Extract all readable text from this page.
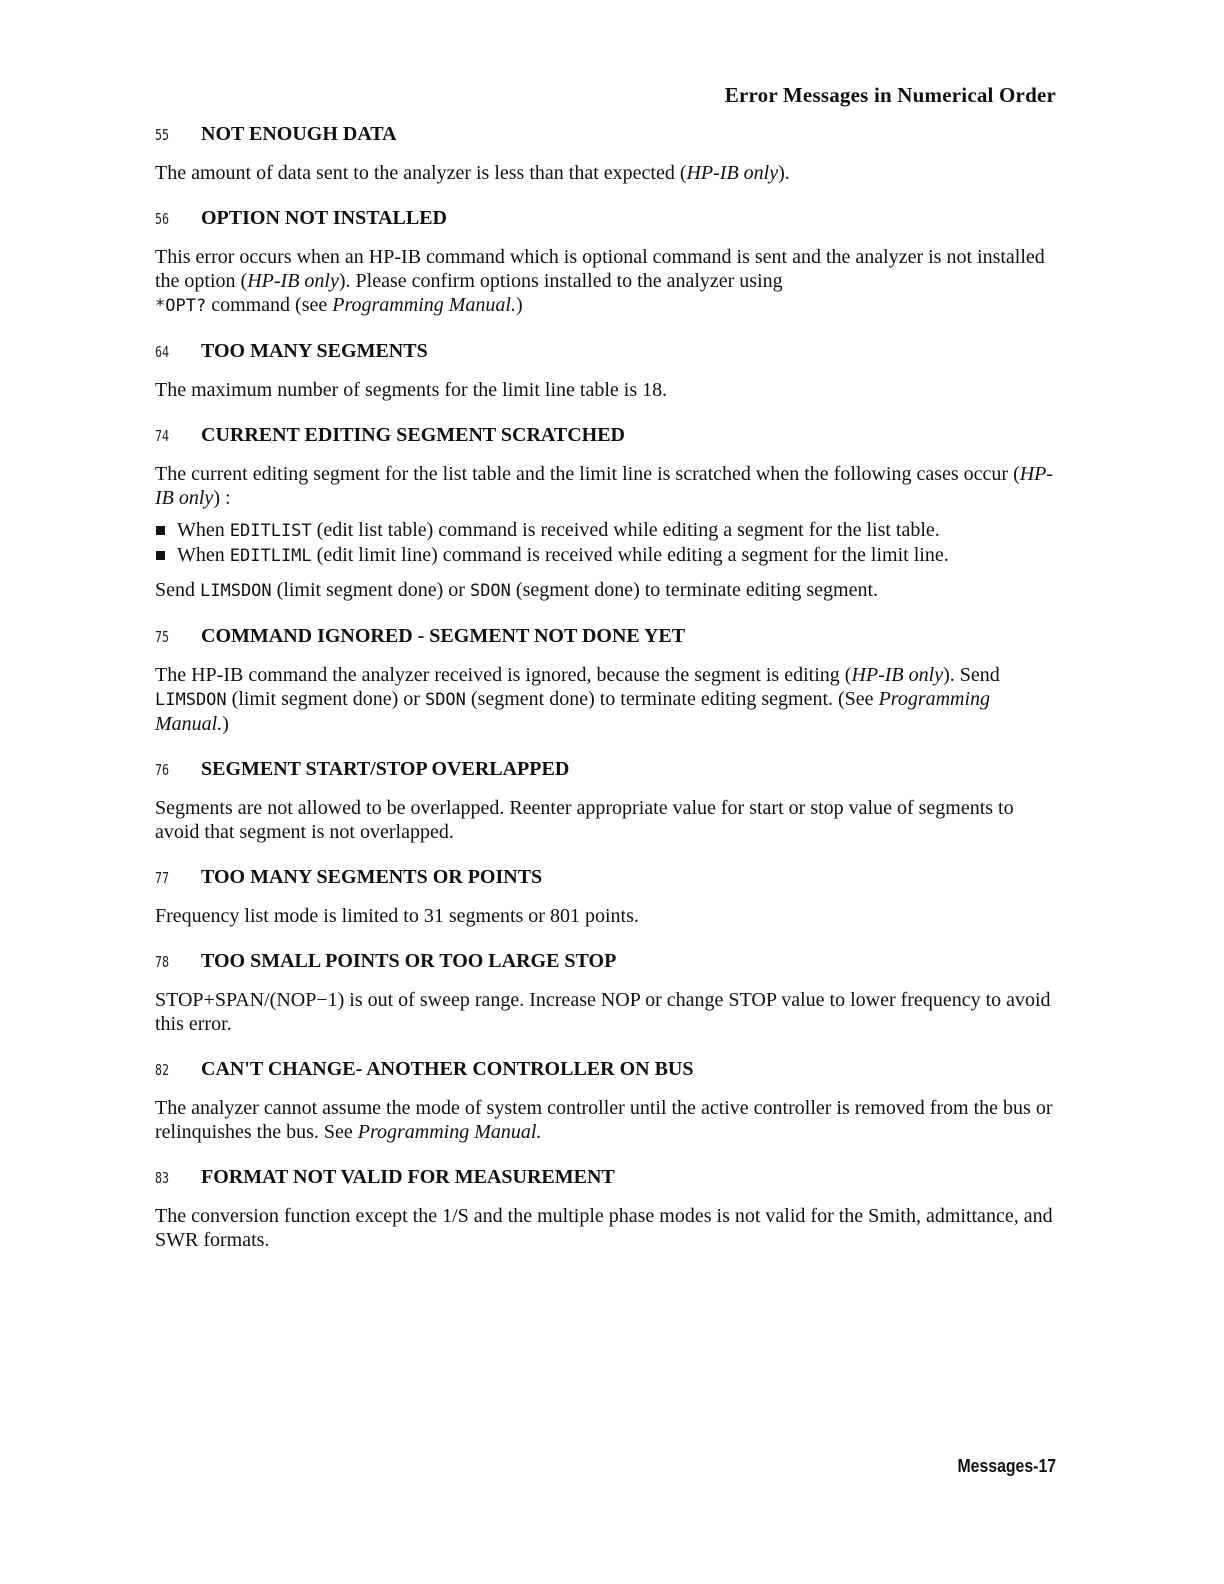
Error Messages in Numerical Order
55	NOT ENOUGH DATA
The amount of data sent to the analyzer is less than that expected (HP-IB only).
56	OPTION NOT INSTALLED
This error occurs when an HP-IB command which is optional command is sent and the analyzer is not installed the option (HP-IB only). Please confirm options installed to the analyzer using
*OPT? command (see Programming Manual.)
64	TOO MANY SEGMENTS
The maximum number of segments for the limit line table is 18.
74	CURRENT EDITING SEGMENT SCRATCHED
The current editing segment for the list table and the limit line is scratched when the following cases occur (HP-IB only) :
When EDITLIST (edit list table) command is received while editing a segment for the list table.
When EDITLIML (edit limit line) command is received while editing a segment for the limit line.
Send LIMSDON (limit segment done) or SDON (segment done) to terminate editing segment.
75	COMMAND IGNORED - SEGMENT NOT DONE YET
The HP-IB command the analyzer received is ignored, because the segment is editing (HP-IB only). Send LIMSDON (limit segment done) or SDON (segment done) to terminate editing segment. (See Programming Manual.)
76	SEGMENT START/STOP OVERLAPPED
Segments are not allowed to be overlapped. Reenter appropriate value for start or stop value of segments to avoid that segment is not overlapped.
77	TOO MANY SEGMENTS OR POINTS
Frequency list mode is limited to 31 segments or 801 points.
78	TOO SMALL POINTS OR TOO LARGE STOP
STOP+SPAN/(NOP−1) is out of sweep range. Increase NOP or change STOP value to lower frequency to avoid this error.
82	CAN'T CHANGE- ANOTHER CONTROLLER ON BUS
The analyzer cannot assume the mode of system controller until the active controller is removed from the bus or relinquishes the bus. See Programming Manual.
83	FORMAT NOT VALID FOR MEASUREMENT
The conversion function except the 1/S and the multiple phase modes is not valid for the Smith, admittance, and SWR formats.
Messages-17
